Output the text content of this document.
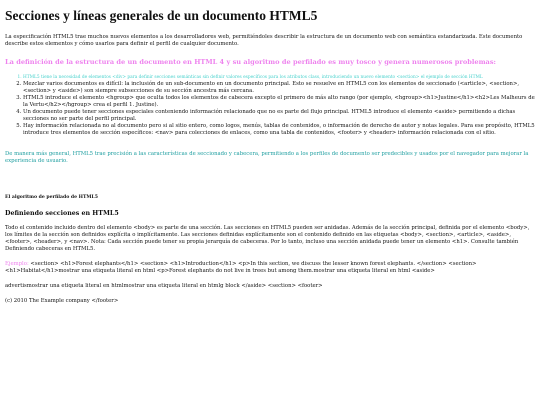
Secciones y líneas generales de un documento HTML5

La especificación HTML5 trae muchos nuevos elementos a los desarrolladores web, permitiéndoles describir la estructura de un documento web con semántica estandarizada. Este documento describe estos elementos y cómo usarlos para definir el perfil de cualquier documento.

La definición de la estructura de un documento en HTML 4 y su algoritmo de perfilado es muy tosco y genera numerosos problemas:

1. HTML5 tiene la necesidad de elementos <div> para definir secciones semánticas sin definir valores específicos para los atributos class, introduciendo un nuevo elemento <section> el ejemplo de sección HTML
2. Mezclar varios documentos es difícil: la inclusión de un sub-documento en un documento principal. Esto se resuelve en HTML5 con los elementos de seccionado (<article>, <section>, <section> y <aside>) son siempre subsecciones de su sección ancestra más cercana.
3. HTML5 introduce el elemento <hgroup> que oculta todos los elementos de cabecera excepto el primero de más alto rango (por ejemplo, <hgroup><h1>Justine</h1><h2>Les Malheurs de la Vertu</h2></hgroup> crea el perfil 1. Justine).
4. Un documento puede tener secciones especiales conteniendo información relacionado que no es parte del flujo principal. HTML5 introduce el elemento <aside> permitiendo a dichas secciones no ser parte del perfil principal.
5. Hay información relacionada no al documento pero si al sitio entero, como logos, menús, tablas de contenidos, o información de derecho de autor y notas legales. Para ese propósito, HTML5 introduce tres elementos de sección específicos: <nav> para colecciones de enlaces, como una tabla de contenidos, <footer> y <header> información relacionada con el sitio.

De manera más general, HTML5 trae precisión a las características de seccionado y cabecera, permitiendo a los perfiles de documento ser predecibles y usados por el navegador para mejorar la experiencia de usuario.

El algoritmo de perfilado de HTML5
Definiendo secciones en HTML5

Todo el contenido incluido dentro del elemento <body> es parte de una sección. Las secciones en HTML5 pueden ser anidadas. Además de la sección principal, definida por el elemento <body>, los límites de la sección son definidos explícita o implícitamente. Las secciones definidas explícitamente son el contenido definido en las etiquetas <body>, <section>, <article>, <aside>, <footer>, <header>, y <nav>. Nota: Cada sección puede tener su propia jerarquía de cabeceras. Por lo tanto, incluso una sección anidada puede tener un elemento <h1>. Consulte también Definiendo cabeceras en HTML5.

Ejemplo: <section> <h1>Forest elephants</h1> <section> <h1>Introduction</h1> <p>In this section, we discuss the lesser known forest elephants. </section> <section> <h1>Habitat</h1>mostrar una etiqueta literal en html <p>Forest elephants do not live in trees but among them.mostrar una etiqueta literal en html <aside>

advertismostrar una etiqueta literal en htmlmostrar una etiqueta literal en htmlg block </aside> <section> <footer>

(c) 2010 The Example company </footer>
